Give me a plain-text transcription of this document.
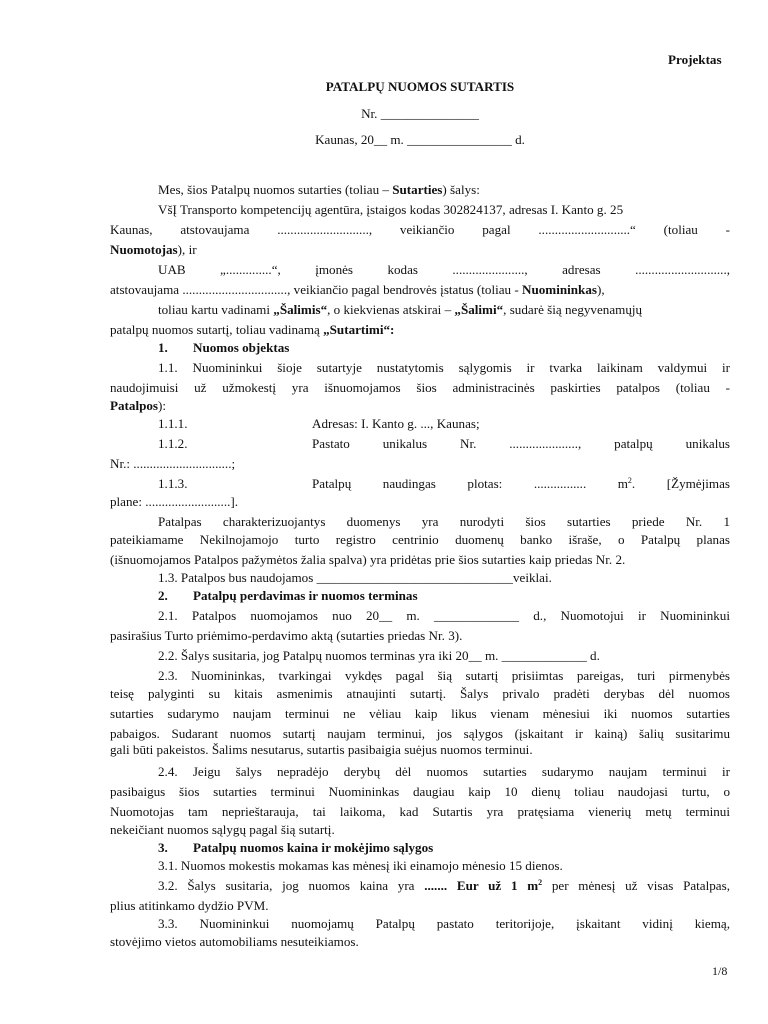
Projektas
PATALPŲ NUOMOS SUTARTIS
Nr. _______________
Kaunas, 20__ m. ________________ d.
Mes, šios Patalpų nuomos sutarties (toliau – Sutarties) šalys:
VšĮ Transporto kompetencijų agentūra, įstaigos kodas 302824137, adresas I. Kanto g. 25
Kaunas, atstovaujama ............................, veikiančio pagal ............................“ (toliau -
Nuomotojas), ir
UAB „..............“, įmonės kodas ......................, adresas ............................,
atstovaujama ................................, veikiančio pagal bendrovės įstatus (toliau - Nuomininkas),
toliau kartu vadinami „Šalimis“, o kiekvienas atskirai – „Šalimi“, sudarė šią negyvenamųjų
patalpų nuomos sutartį, toliau vadinamą „Sutartimi“:
1. Nuomos objektas
1.1. Nuomininkui šioje sutartyje nustatytomis sąlygomis ir tvarka laikinam valdymui ir
naudojimuisi už užmokestį yra išnuomojamos šios administracinės paskirties patalpos (toliau -
Patalpos):
1.1.1.	Adresas: I. Kanto g. ..., Kaunas;
1.1.2.	Pastato unikalus Nr. ....................., patalpų unikalus
Nr.: ..............................;
1.1.3.	Patalpų naudingas plotas: ................ $m^2$. [Žymėjimas
plane: ..........................].
Patalpas charakterizuojantys duomenys yra nurodyti šios sutarties priede Nr. 1
pateikiamame Nekilnojamojo turto registro centrinio duomenų banko išraše, o Patalpų planas
(išnuomojamos Patalpos pažymėtos žalia spalva) yra pridėtas prie šios sutarties kaip priedas Nr. 2.
1.3. Patalpos bus naudojamos ______________________________veiklai.
2. Patalpų perdavimas ir nuomos terminas
2.1. Patalpos nuomojamos nuo 20__ m. _____________ d., Nuomotojui ir Nuomininkui
pasirašius Turto priėmimo-perdavimo aktą (sutarties priedas Nr. 3).
2.2. Šalys susitaria, jog Patalpų nuomos terminas yra iki 20__ m. _____________ d.
2.3. Nuomininkas, tvarkingai vykdęs pagal šią sutartį prisiimtas pareigas, turi pirmenybės
teisę palyginti su kitais asmenimis atnaujinti sutartį. Šalys privalo pradėti derybas dėl nuomos
sutarties sudarymo naujam terminui ne vėliau kaip likus vienam mėnesiui iki nuomos sutarties
pabaigos. Sudarant nuomos sutartį naujam terminui, jos sąlygos (įskaitant ir kainą) šalių susitarimu
gali būti pakeistos. Šalims nesutarus, sutartis pasibaigia suėjus nuomos terminui.
2.4. Jeigu šalys nepradėjo derybų dėl nuomos sutarties sudarymo naujam terminui ir
pasibaigus šios sutarties terminui Nuomininkas daugiau kaip 10 dienų toliau naudojasi turtu, o
Nuomotojas tam neprieštarauja, tai laikoma, kad Sutartis yra pratęsiama vienerių metų terminui
nekeičiant nuomos sąlygų pagal šią sutartį.
3. Patalpų nuomos kaina ir mokėjimo sąlygos
3.1. Nuomos mokestis mokamas kas mėnesį iki einamojo mėnesio 15 dienos.
3.2. Šalys susitaria, jog nuomos kaina yra ....... Eur už 1 $m^2$ per mėnesį už visas Patalpas,
plius atitinkamo dydžio PVM.
3.3. Nuomininkui nuomojamų Patalpų pastato teritorijoje, įskaitant vidinį kiemą,
stovėjimo vietos automobiliams nesuteikiamos.
1/8
